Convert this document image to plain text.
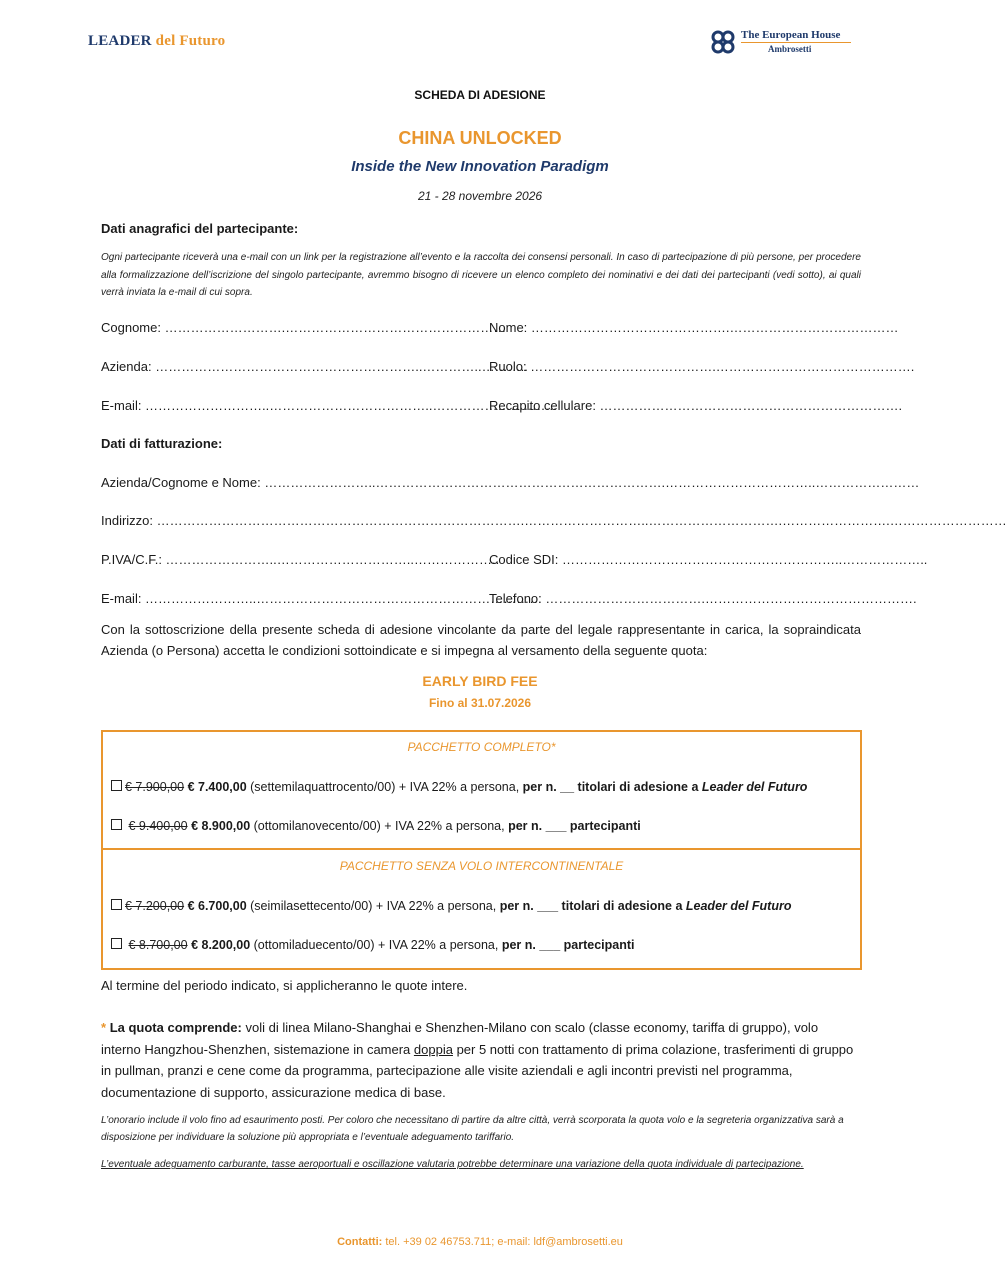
LEADER del Futuro	The European House
Ambrosetti
SCHEDA DI ADESIONE
CHINA UNLOCKED
Inside the New Innovation Paradigm
21 - 28 novembre 2026
Dati anagrafici del partecipante:
Ogni partecipante riceverà una e-mail con un link per la registrazione all’evento e la raccolta dei consensi personali. In caso di partecipazione di più persone, per procedere alla formalizzazione dell’iscrizione del singolo partecipante, avremmo bisogno di ricevere un elenco completo dei nominativi e dei dati dei partecipanti (vedi sotto), ai quali verrà inviata la e-mail di cui sopra.
Cognome: ……………………….……………………………………………
Nome: ……………………………………….…………………………………
Azienda: ……………………………………………………..…………..………..
Ruolo: …………………………………….……………………………………….
E-mail: ………………………..………………………………..………………………..
Recapito cellulare: …………………………………………………………….
Dati di fatturazione:
Azienda/Cognome e Nome: ……………………..………………………………………………………….……………………………..……………………
Indirizzo: ………………………………………………………………………….………………………..………………………….…………………….………………………
P.IVA/C.F.: ……………………..…………………………..………………..
Codice SDI: ………………………………………………………..………………..
E-mail: ……………………..…………………………………………………………
Telefono: ……………………………….………………………………………….
Con la sottoscrizione della presente scheda di adesione vincolante da parte del legale rappresentante in carica, la sopraindicata Azienda (o Persona) accetta le condizioni sottoindicate e si impegna al versamento della seguente quota:
EARLY BIRD FEE
Fino al 31.07.2026
PACCHETTO COMPLETO*
€ 7.900,00 € 7.400,00 (settemilaquattrocento/00) + IVA 22% a persona, per n. __ titolari di adesione a Leader del Futuro
€ 9.400,00 € 8.900,00 (ottomilanovecento/00) + IVA 22% a persona, per n. ___ partecipanti
PACCHETTO SENZA VOLO INTERCONTINENTALE
€ 7.200,00 € 6.700,00 (seimilasettecento/00) + IVA 22% a persona, per n. ___ titolari di adesione a Leader del Futuro
€ 8.700,00 € 8.200,00 (ottomiladuecento/00) + IVA 22% a persona, per n. ___ partecipanti
Al termine del periodo indicato, si applicheranno le quote intere.
* La quota comprende: voli di linea Milano-Shanghai e Shenzhen-Milano con scalo (classe economy, tariffa di gruppo), volo interno Hangzhou-Shenzhen, sistemazione in camera doppia per 5 notti con trattamento di prima colazione, trasferimenti di gruppo in pullman, pranzi e cene come da programma, partecipazione alle visite aziendali e agli incontri previsti nel programma, documentazione di supporto, assicurazione medica di base.
L’onorario include il volo fino ad esaurimento posti. Per coloro che necessitano di partire da altre città, verrà scorporata la quota volo e la segreteria organizzativa sarà a disposizione per individuare la soluzione più appropriata e l’eventuale adeguamento tariffario.
L’eventuale adeguamento carburante, tasse aeroportuali e oscillazione valutaria potrebbe determinare una variazione della quota individuale di partecipazione.
Contatti: tel. +39 02 46753.711; e-mail: ldf@ambrosetti.eu
